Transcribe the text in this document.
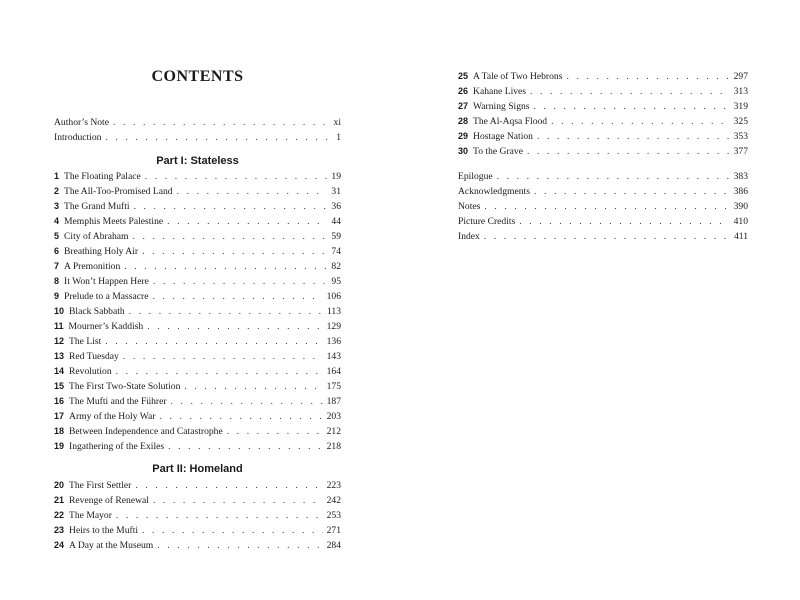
CONTENTS
Author’s Note . . .	xi
Introduction . . .	1
Part I: Stateless
1 The Floating Palace . . .	19
2 The All-Too-Promised Land . . .	31
3 The Grand Mufti . . .	36
4 Memphis Meets Palestine . . .	44
5 City of Abraham . . .	59
6 Breathing Holy Air . . .	74
7 A Premonition . . .	82
8 It Won’t Happen Here . . .	95
9 Prelude to a Massacre . . .	106
10 Black Sabbath . . .	113
11 Mourner’s Kaddish . . .	129
12 The List . . .	136
13 Red Tuesday . . .	143
14 Revolution . . .	164
15 The First Two-State Solution . . .	175
16 The Mufti and the Führer . . .	187
17 Army of the Holy War . . .	203
18 Between Independence and Catastrophe . . .	212
19 Ingathering of the Exiles . . .	218
Part II: Homeland
20 The First Settler . . .	223
21 Revenge of Renewal . . .	242
22 The Mayor . . .	253
23 Heirs to the Mufti . . .	271
24 A Day at the Museum . . .	284
25 A Tale of Two Hebrons . . .	297
26 Kahane Lives . . .	313
27 Warning Signs . . .	319
28 The Al-Aqsa Flood . . .	325
29 Hostage Nation . . .	353
30 To the Grave . . .	377
Epilogue . . .	383
Acknowledgments . . .	386
Notes . . .	390
Picture Credits . . .	410
Index . . .	411
